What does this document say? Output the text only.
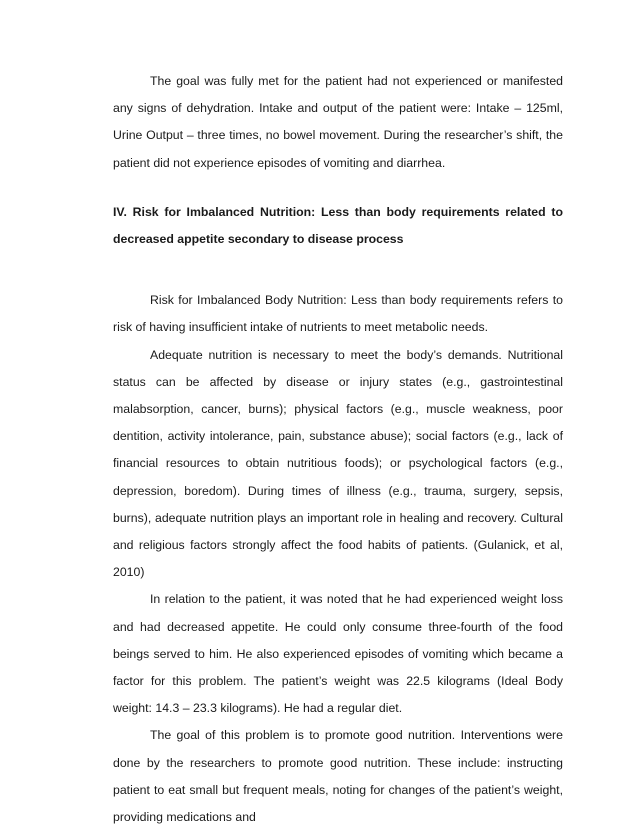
The goal was fully met for the patient had not experienced or manifested any signs of dehydration. Intake and output of the patient were: Intake – 125ml, Urine Output – three times, no bowel movement. During the researcher’s shift, the patient did not experience episodes of vomiting and diarrhea.

IV. Risk for Imbalanced Nutrition: Less than body requirements related to decreased appetite secondary to disease process

Risk for Imbalanced Body Nutrition: Less than body requirements refers to risk of having insufficient intake of nutrients to meet metabolic needs.

Adequate nutrition is necessary to meet the body’s demands. Nutritional status can be affected by disease or injury states (e.g., gastrointestinal malabsorption, cancer, burns); physical factors (e.g., muscle weakness, poor dentition, activity intolerance, pain, substance abuse); social factors (e.g., lack of financial resources to obtain nutritious foods); or psychological factors (e.g., depression, boredom). During times of illness (e.g., trauma, surgery, sepsis, burns), adequate nutrition plays an important role in healing and recovery. Cultural and religious factors strongly affect the food habits of patients. (Gulanick, et al, 2010)

In relation to the patient, it was noted that he had experienced weight loss and had decreased appetite. He could only consume three-fourth of the food beings served to him. He also experienced episodes of vomiting which became a factor for this problem. The patient’s weight was 22.5 kilograms (Ideal Body weight: 14.3 – 23.3 kilograms). He had a regular diet.

The goal of this problem is to promote good nutrition. Interventions were done by the researchers to promote good nutrition. These include: instructing patient to eat small but frequent meals, noting for changes of the patient’s weight, providing medications and
